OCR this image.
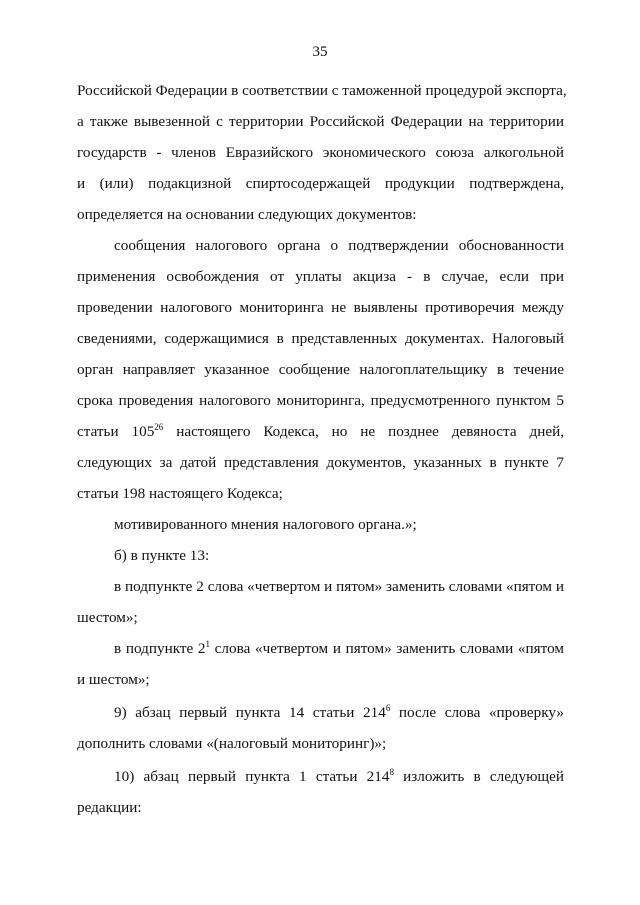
35
Российской Федерации в соответствии с таможенной процедурой экспорта,
а также вывезенной с территории Российской Федерации на территории
государств - членов Евразийского экономического союза алкогольной
и (или) подакцизной спиртосодержащей продукции подтверждена,
определяется на основании следующих документов:
сообщения налогового органа о подтверждении обоснованности
применения освобождения от уплаты акциза - в случае, если при
проведении налогового мониторинга не выявлены противоречия между
сведениями, содержащимися в представленных документах. Налоговый
орган направляет указанное сообщение налогоплательщику в течение
срока проведения налогового мониторинга, предусмотренного пунктом 5
статьи $105^{26}$ настоящего Кодекса, но не позднее девяноста дней,
следующих за датой представления документов, указанных в пункте 7
статьи 198 настоящего Кодекса;
мотивированного мнения налогового органа.»;
б) в пункте 13:
в подпункте 2 слова «четвертом и пятом» заменить словами «пятом и
шестом»;
в подпункте $2^1$ слова «четвертом и пятом» заменить словами «пятом
и шестом»;
9) абзац первый пункта 14 статьи $214^6$ после слова «проверку»
дополнить словами «(налоговый мониторинг)»;
10) абзац первый пункта 1 статьи $214^8$ изложить в следующей
редакции:
